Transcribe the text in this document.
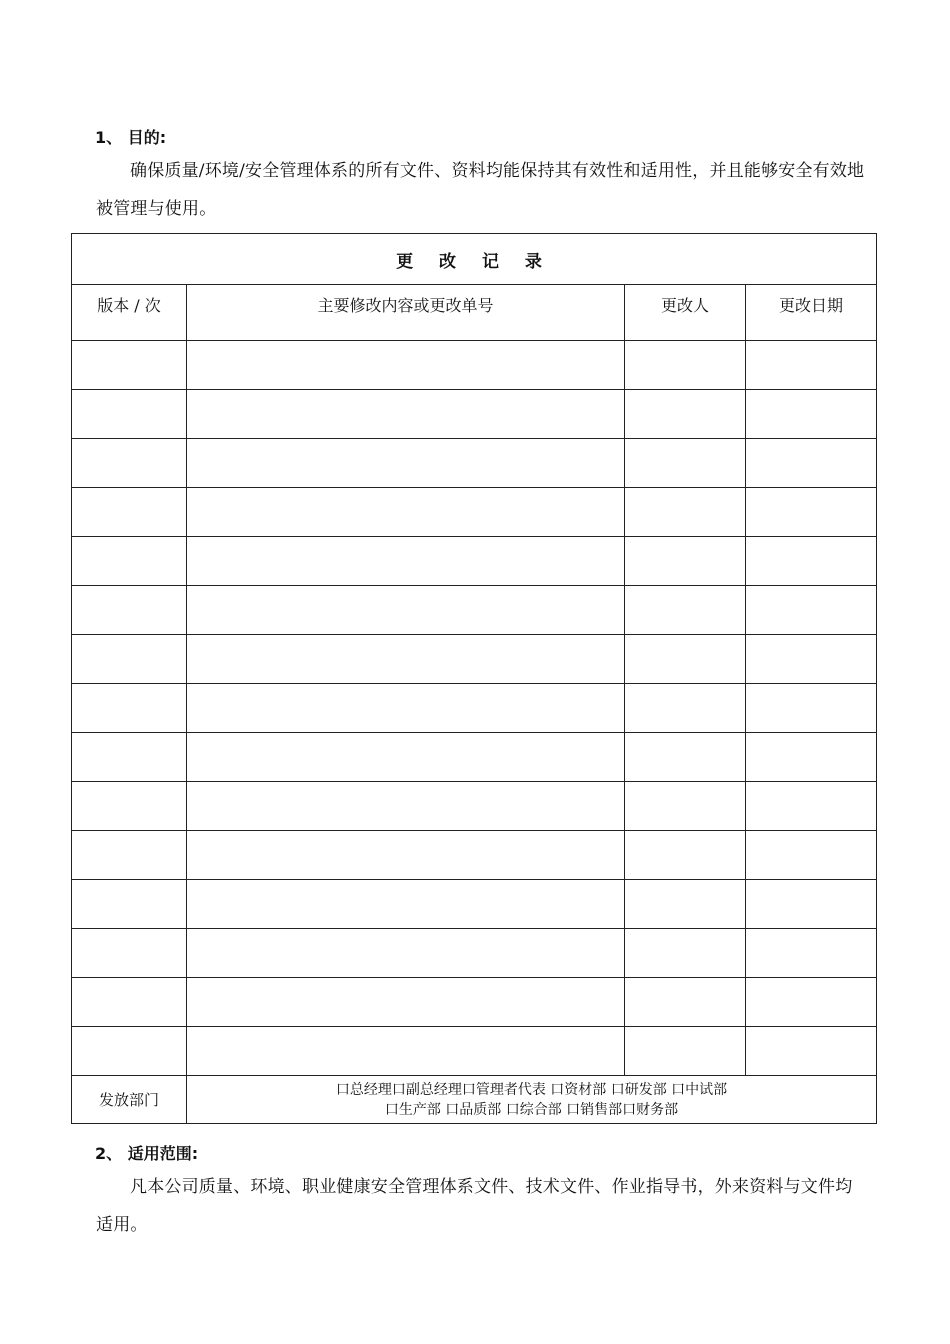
1、 目的:
确保质量/环境/安全管理体系的所有文件、资料均能保持其有效性和适用性，并且能够安全有效地被管理与使用。
更 改 记 录			
版本 / 次	主要修改内容或更改单号	更改人	更改日期

发放部门	口总经理口副总经理口管理者代表 口资材部 口研发部 口中试部
口生产部 口品质部 口综合部 口销售部口财务部		
2、 适用范围:
凡本公司质量、环境、职业健康安全管理体系文件、技术文件、作业指导书，外来资料与文件均适用。
